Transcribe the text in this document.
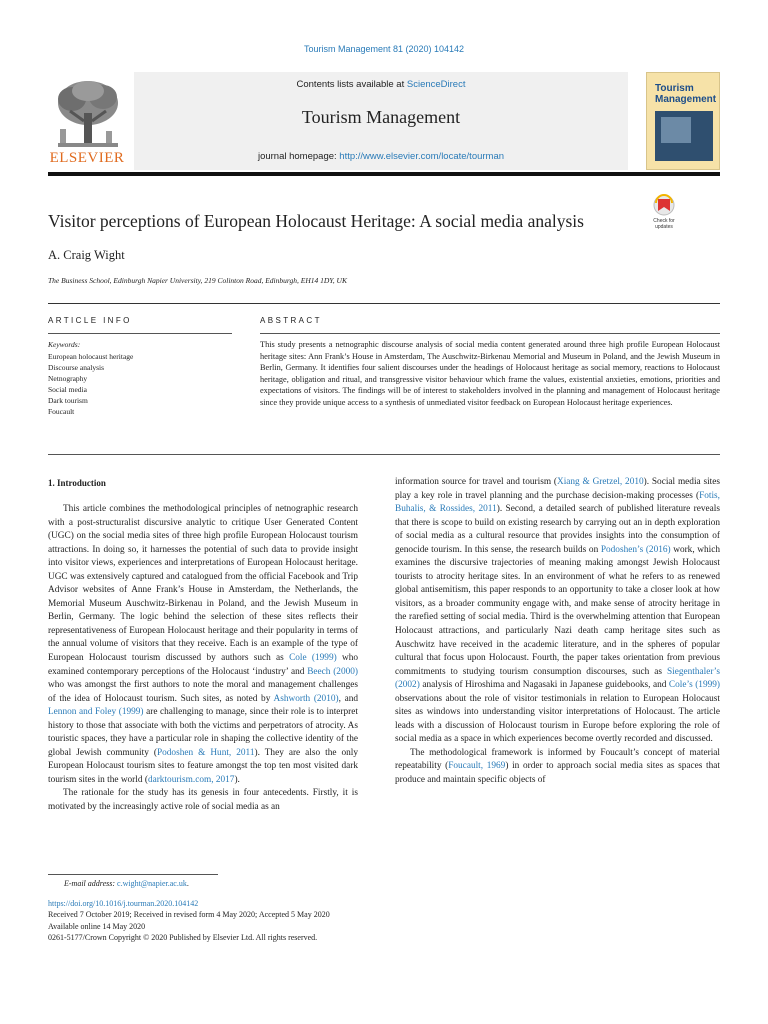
Tourism Management 81 (2020) 104142
ELSEVIER
Contents lists available at ScienceDirect
Tourism Management
journal homepage: http://www.elsevier.com/locate/tourman
Tourism
Management
Visitor perceptions of European Holocaust Heritage: A social media analysis	Check for
updates
A. Craig Wight
The Business School, Edinburgh Napier University, 219 Colinton Road, Edinburgh, EH14 1DY, UK
ARTICLE INFO
Keywords:
European holocaust heritage
Discourse analysis
Netnography
Social media
Dark tourism
Foucault
ABSTRACT
This study presents a netnographic discourse analysis of social media content generated around three high profile European Holocaust heritage sites: Ann Frank’s House in Amsterdam, The Auschwitz-Birkenau Memorial and Museum in Poland, and the Jewish Museum in Berlin, Germany. It identifies four salient discourses under the headings of Holocaust heritage as social memory, reactions to Holocaust heritage, obligation and ritual, and transgressive visitor behaviour which frame the values, existential anxieties, emotions, priorities and expectations of visitors. The findings will be of interest to stakeholders involved in the planning and management of Holocaust heritage since they provide unique access to a synthesis of unmediated visitor feedback on European Holocaust heritage experiences.
1. Introduction

This article combines the methodological principles of netnographic research with a post-structuralist discursive analytic to critique User Generated Content (UGC) on the social media sites of three high profile European Holocaust tourism attractions. In doing so, it harnesses the potential of such data to provide insight into visitor views, experiences and interpretations of European Holocaust heritage. UGC was extensively captured and catalogued from the official Facebook and Trip Advisor websites of Anne Frank’s House in Amsterdam, the Netherlands, the Memorial Museum Auschwitz-Birkenau in Poland, and the Jewish Museum in Berlin, Germany. The logic behind the selection of these sites reflects their representativeness of European Holocaust heritage and their popularity in terms of the annual volume of visitors that they receive. Each is an example of the type of European Holocaust tourism discussed by authors such as Cole (1999) who examined contemporary perceptions of the Holocaust ‘industry’ and Beech (2000) who was amongst the first authors to note the moral and management challenges of the idea of Holocaust tourism. Such sites, as noted by Ashworth (2010), and Lennon and Foley (1999) are challenging to manage, since their role is to interpret history to those that associate with both the victims and perpetrators of atrocity. As touristic spaces, they have a particular role in shaping the collective identity of the global Jewish community (Podoshen & Hunt, 2011). They are also the only European Holocaust tourism sites to feature amongst the top ten most visited dark tourism sites in the world (darktourism.com, 2017).

The rationale for the study has its genesis in four antecedents. Firstly, it is motivated by the increasingly active role of social media as an

information source for travel and tourism (Xiang & Gretzel, 2010). Social media sites play a key role in travel planning and the purchase decision-making processes (Fotis, Buhalis, & Rossides, 2011). Second, a detailed search of published literature reveals that there is scope to build on existing research by carrying out an in depth exploration of social media as a cultural resource that provides insights into the consumption of genocide tourism. In this sense, the research builds on Podoshen’s (2016) work, which examines the discursive trajectories of meaning making amongst Jewish Holocaust tourists to atrocity heritage sites. In an environment of what he refers to as renewed global antisemitism, this paper responds to an opportunity to take a closer look at how visitors, as a broader community engage with, and make sense of atrocity heritage in the rarefied setting of social media. Third is the overwhelming attention that European Holocaust attractions, and particularly Nazi death camp heritage sites such as Auschwitz have received in the academic literature, and in the spheres of popular cultural that focus upon Holocaust. Fourth, the paper takes orientation from previous commitments to studying tourism consumption discourses, such as Siegenthaler’s (2002) analysis of Hiroshima and Nagasaki in Japanese guidebooks, and Cole’s (1999) observations about the role of visitor testimonials in relation to European Holocaust sites as windows into understanding visitor interpretations of Holocaust. The article leads with a discussion of Holocaust tourism in Europe before exploring the role of social media as a space in which experiences become overtly recorded and discussed.

The methodological framework is informed by Foucault’s concept of material repeatability (Foucault, 1969) in order to approach social media sites as spaces that produce and maintain specific objects of

E-mail address: c.wight@napier.ac.uk.
https://doi.org/10.1016/j.tourman.2020.104142
Received 7 October 2019; Received in revised form 4 May 2020; Accepted 5 May 2020
Available online 14 May 2020
0261-5177/Crown Copyright © 2020 Published by Elsevier Ltd. All rights reserved.
